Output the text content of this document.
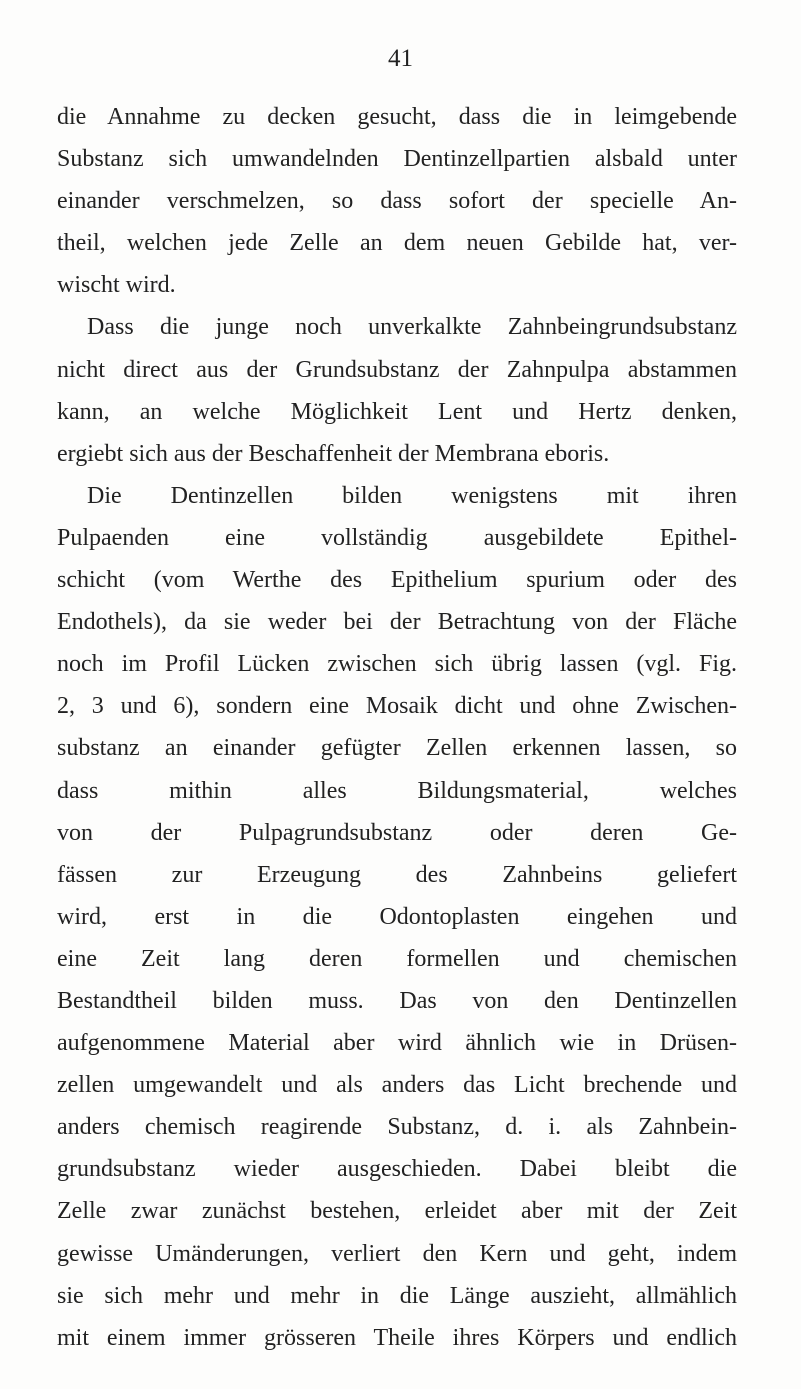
41
die Annahme zu decken gesucht, dass die in leimgebende
Substanz sich umwandelnden Dentinzellpartien alsbald unter
einander verschmelzen, so dass sofort der specielle An-
theil, welchen jede Zelle an dem neuen Gebilde hat, ver-
wischt wird.
Dass die junge noch unverkalkte Zahnbeingrundsubstanz
nicht direct aus der Grundsubstanz der Zahnpulpa abstammen
kann, an welche Möglichkeit Lent und Hertz denken,
ergiebt sich aus der Beschaffenheit der Membrana eboris.
Die Dentinzellen bilden wenigstens mit ihren
Pulpaenden eine vollständig ausgebildete Epithel-
schicht (vom Werthe des Epithelium spurium oder des
Endothels), da sie weder bei der Betrachtung von der Fläche
noch im Profil Lücken zwischen sich übrig lassen (vgl. Fig.
2, 3 und 6), sondern eine Mosaik dicht und ohne Zwischen-
substanz an einander gefügter Zellen erkennen lassen, so
dass mithin alles Bildungsmaterial, welches
von der Pulpagrundsubstanz oder deren Ge-
fässen zur Erzeugung des Zahnbeins geliefert
wird, erst in die Odontoplasten eingehen und
eine Zeit lang deren formellen und chemischen
Bestandtheil bilden muss. Das von den Dentinzellen
aufgenommene Material aber wird ähnlich wie in Drüsen-
zellen umgewandelt und als anders das Licht brechende und
anders chemisch reagirende Substanz, d. i. als Zahnbein-
grundsubstanz wieder ausgeschieden. Dabei bleibt die
Zelle zwar zunächst bestehen, erleidet aber mit der Zeit
gewisse Umänderungen, verliert den Kern und geht, indem
sie sich mehr und mehr in die Länge auszieht, allmählich
mit einem immer grösseren Theile ihres Körpers und endlich
